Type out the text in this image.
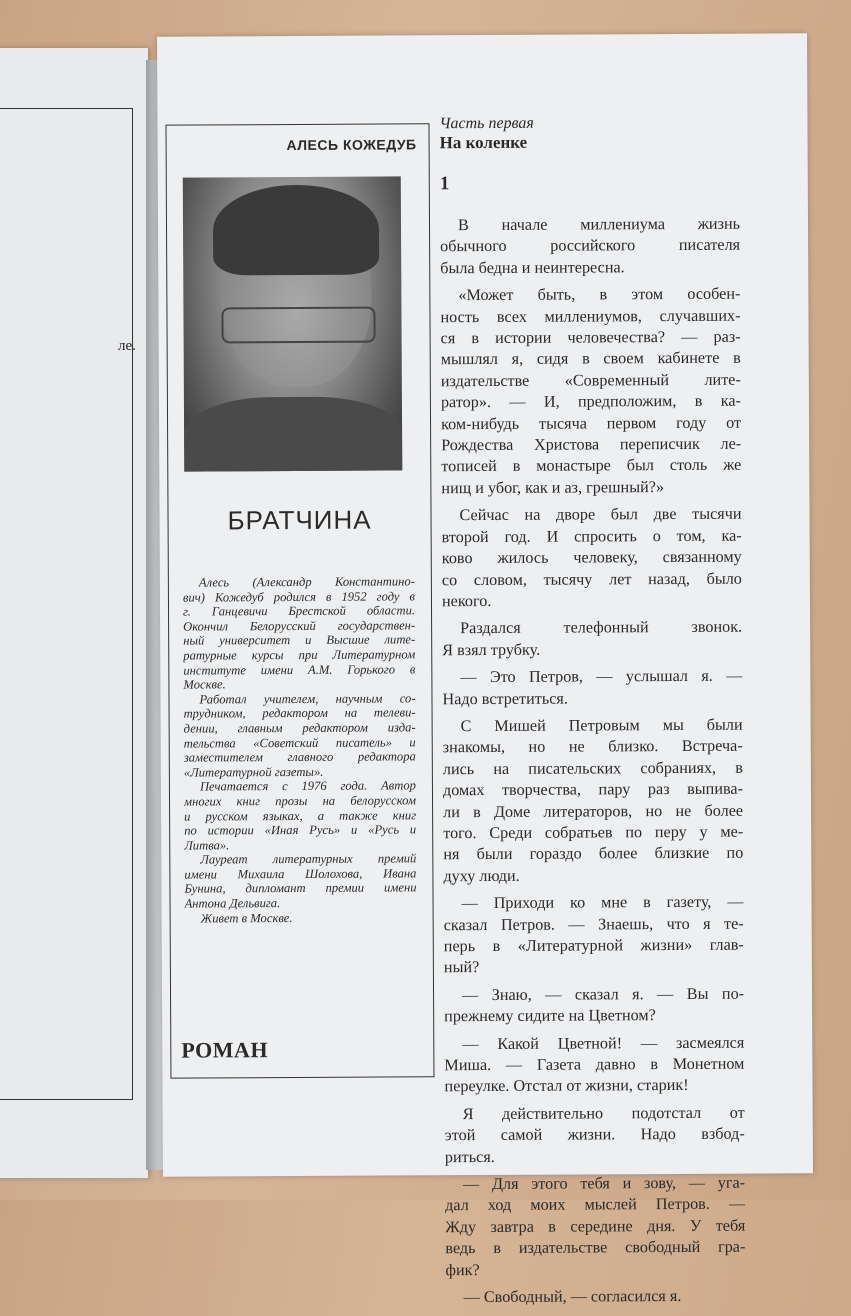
ле.
АЛЕСЬ КОЖЕДУБ
БРАТЧИНА
Алесь (Александр Константино-
вич) Кожедуб родился в 1952 году в
г. Ганцевичи Брестской области.
Окончил Белорусский государствен-
ный университет и Высшие лите-
ратурные курсы при Литературном
институте имени А.М. Горького в
Москве.
Работал учителем, научным со-
трудником, редактором на телеви-
дении, главным редактором изда-
тельства «Советский писатель» и
заместителем главного редактора
«Литературной газеты».
Печатается с 1976 года. Автор
многих книг прозы на белорусском
и русском языках, а также книг
по истории «Иная Русь» и «Русь и
Литва».
Лауреат литературных премий
имени Михаила Шолохова, Ивана
Бунина, дипломант премии имени
Антона Дельвига.
Живет в Москве.
РОМАН
Часть первая
На коленке
1
В начале миллениума жизнь
обычного российского писателя
была бедна и неинтересна.
«Может быть, в этом особен-
ность всех миллениумов, случавших-
ся в истории человечества? — раз-
мышлял я, сидя в своем кабинете в
издательстве «Современный лите-
ратор». — И, предположим, в ка-
ком-нибудь тысяча первом году от
Рождества Христова переписчик ле-
тописей в монастыре был столь же
нищ и убог, как и аз, грешный?»
Сейчас на дворе был две тысячи
второй год. И спросить о том, ка-
ково жилось человеку, связанному
со словом, тысячу лет назад, было
некого.
Раздался телефонный звонок.
Я взял трубку.
— Это Петров, — услышал я. —
Надо встретиться.
С Мишей Петровым мы были
знакомы, но не близко. Встреча-
лись на писательских собраниях, в
домах творчества, пару раз выпива-
ли в Доме литераторов, но не более
того. Среди собратьев по перу у ме-
ня были гораздо более близкие по
духу люди.
— Приходи ко мне в газету, —
сказал Петров. — Знаешь, что я те-
перь в «Литературной жизни» глав-
ный?
— Знаю, — сказал я. — Вы по-
прежнему сидите на Цветном?
— Какой Цветной! — засмеялся
Миша. — Газета давно в Монетном
переулке. Отстал от жизни, старик!
Я действительно подотстал от
этой самой жизни. Надо взбод-
риться.
— Для этого тебя и зову, — уга-
дал ход моих мыслей Петров. —
Жду завтра в середине дня. У тебя
ведь в издательстве свободный гра-
фик?
— Свободный, — согласился я.
